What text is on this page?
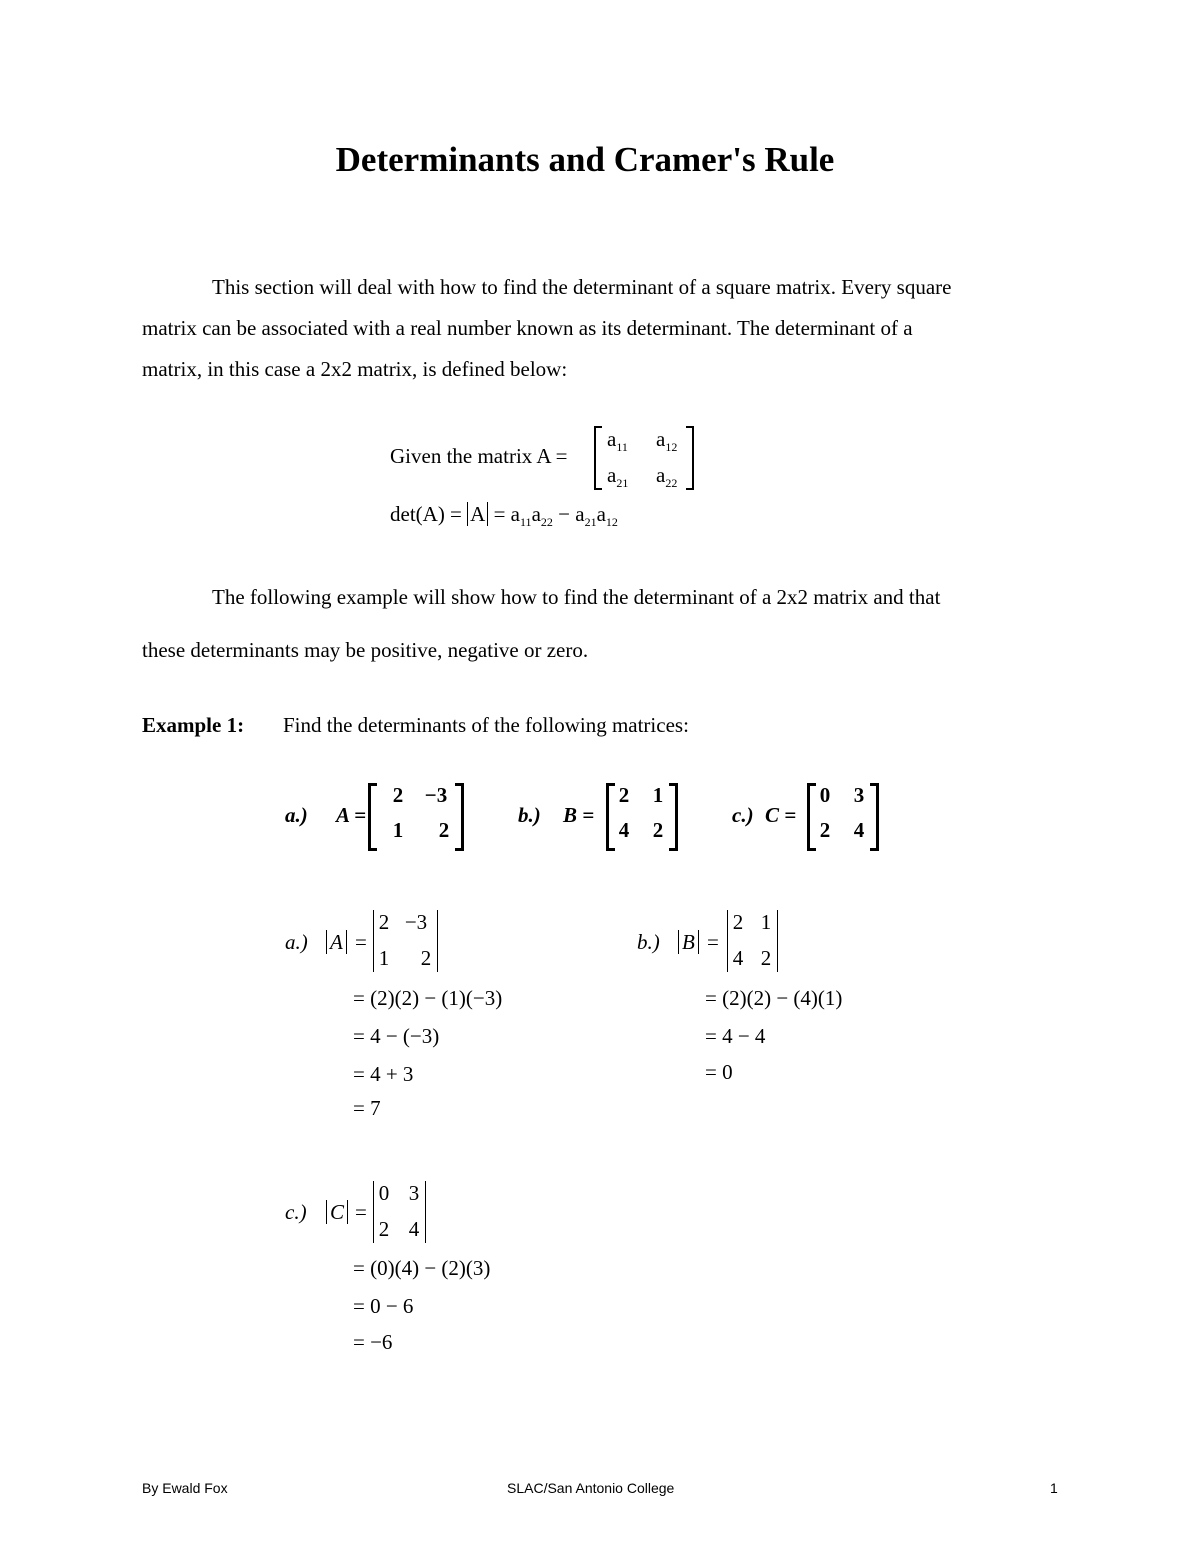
Determinants and Cramer's Rule
This section will deal with how to find the determinant of a square matrix. Every square
matrix can be associated with a real number known as its determinant. The determinant of a
matrix, in this case a 2x2 matrix, is defined below:
Given the matrix A =
$a_{11}$ $a_{12}$
$a_{21}$ $a_{22}$
$\det(A) = A = a_{11}a_{22} - a_{21}a_{12}$
The following example will show how to find the determinant of a 2x2 matrix and that
these determinants may be positive, negative or zero.
Example 1: Find the determinants of the following matrices:
a.) A =
2	−3
1 2
b.) B =
2 1
4 2
c.) C =
0 3
2 4
a.) A =
2 −3
1 2
= (2)(2) − (1)(−3)
= 4 − (−3)
= 4 + 3
= 7
b.) B =
2 1
4 2
= (2)(2) − (4)(1)
= 4 − 4
= 0
c.) C =
0 3
2 4
= (0)(4) − (2)(3)
= 0 − 6
= −6
By Ewald Fox	SLAC/San Antonio College	1
